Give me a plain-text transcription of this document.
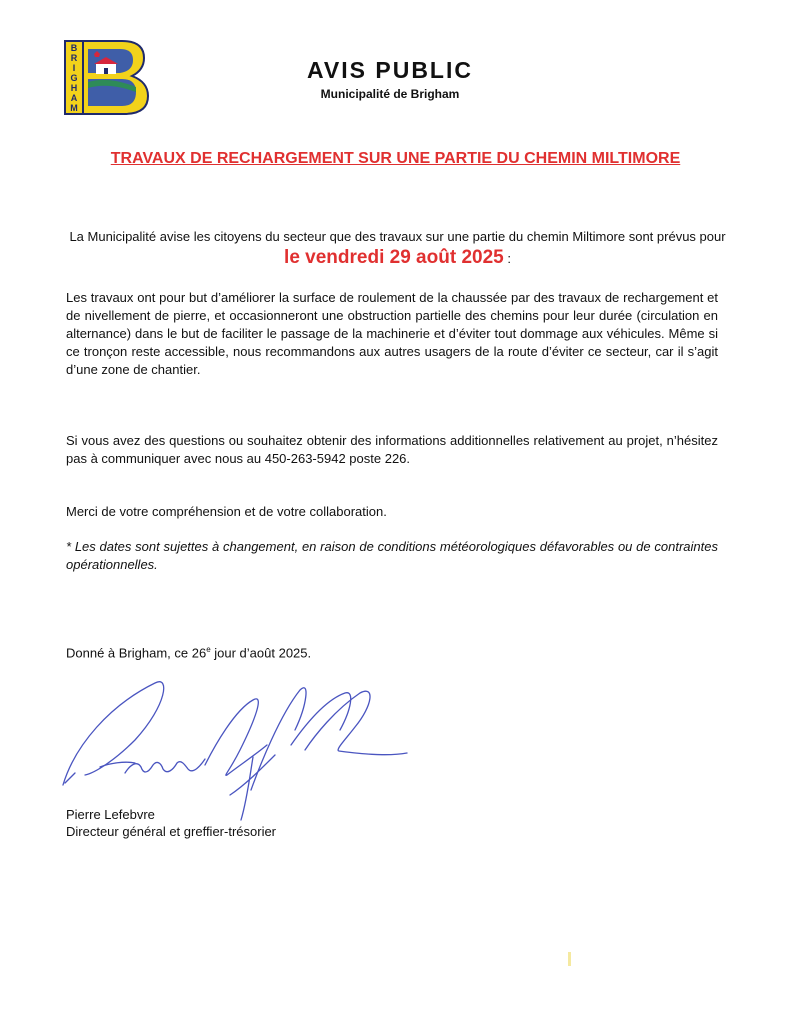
B
R
I
G
H
A
M
AVIS PUBLIC
Municipalité de Brigham
TRAVAUX DE RECHARGEMENT SUR UNE PARTIE DU CHEMIN MILTIMORE
La Municipalité avise les citoyens du secteur que des travaux sur une partie du chemin Miltimore sont prévus pour
le vendredi 29 août 2025 :
Les travaux ont pour but d’améliorer la surface de roulement de la chaussée par des travaux de rechargement et de nivellement de pierre, et occasionneront une obstruction partielle des chemins pour leur durée (circulation en alternance) dans le but de faciliter le passage de la machinerie et d’éviter tout dommage aux véhicules. Même si ce tronçon reste accessible, nous recommandons aux autres usagers de la route d’éviter ce secteur, car il s’agit d’une zone de chantier.
Si vous avez des questions ou souhaitez obtenir des informations additionnelles relativement au projet, n’hésitez pas à communiquer avec nous au 450-263-5942 poste 226.
Merci de votre compréhension et de votre collaboration.
* Les dates sont sujettes à changement, en raison de conditions météorologiques défavorables ou de contraintes opérationnelles.
Donné à Brigham, ce 26e jour d’août 2025.
Pierre Lefebvre
Directeur général et greffier-trésorier
